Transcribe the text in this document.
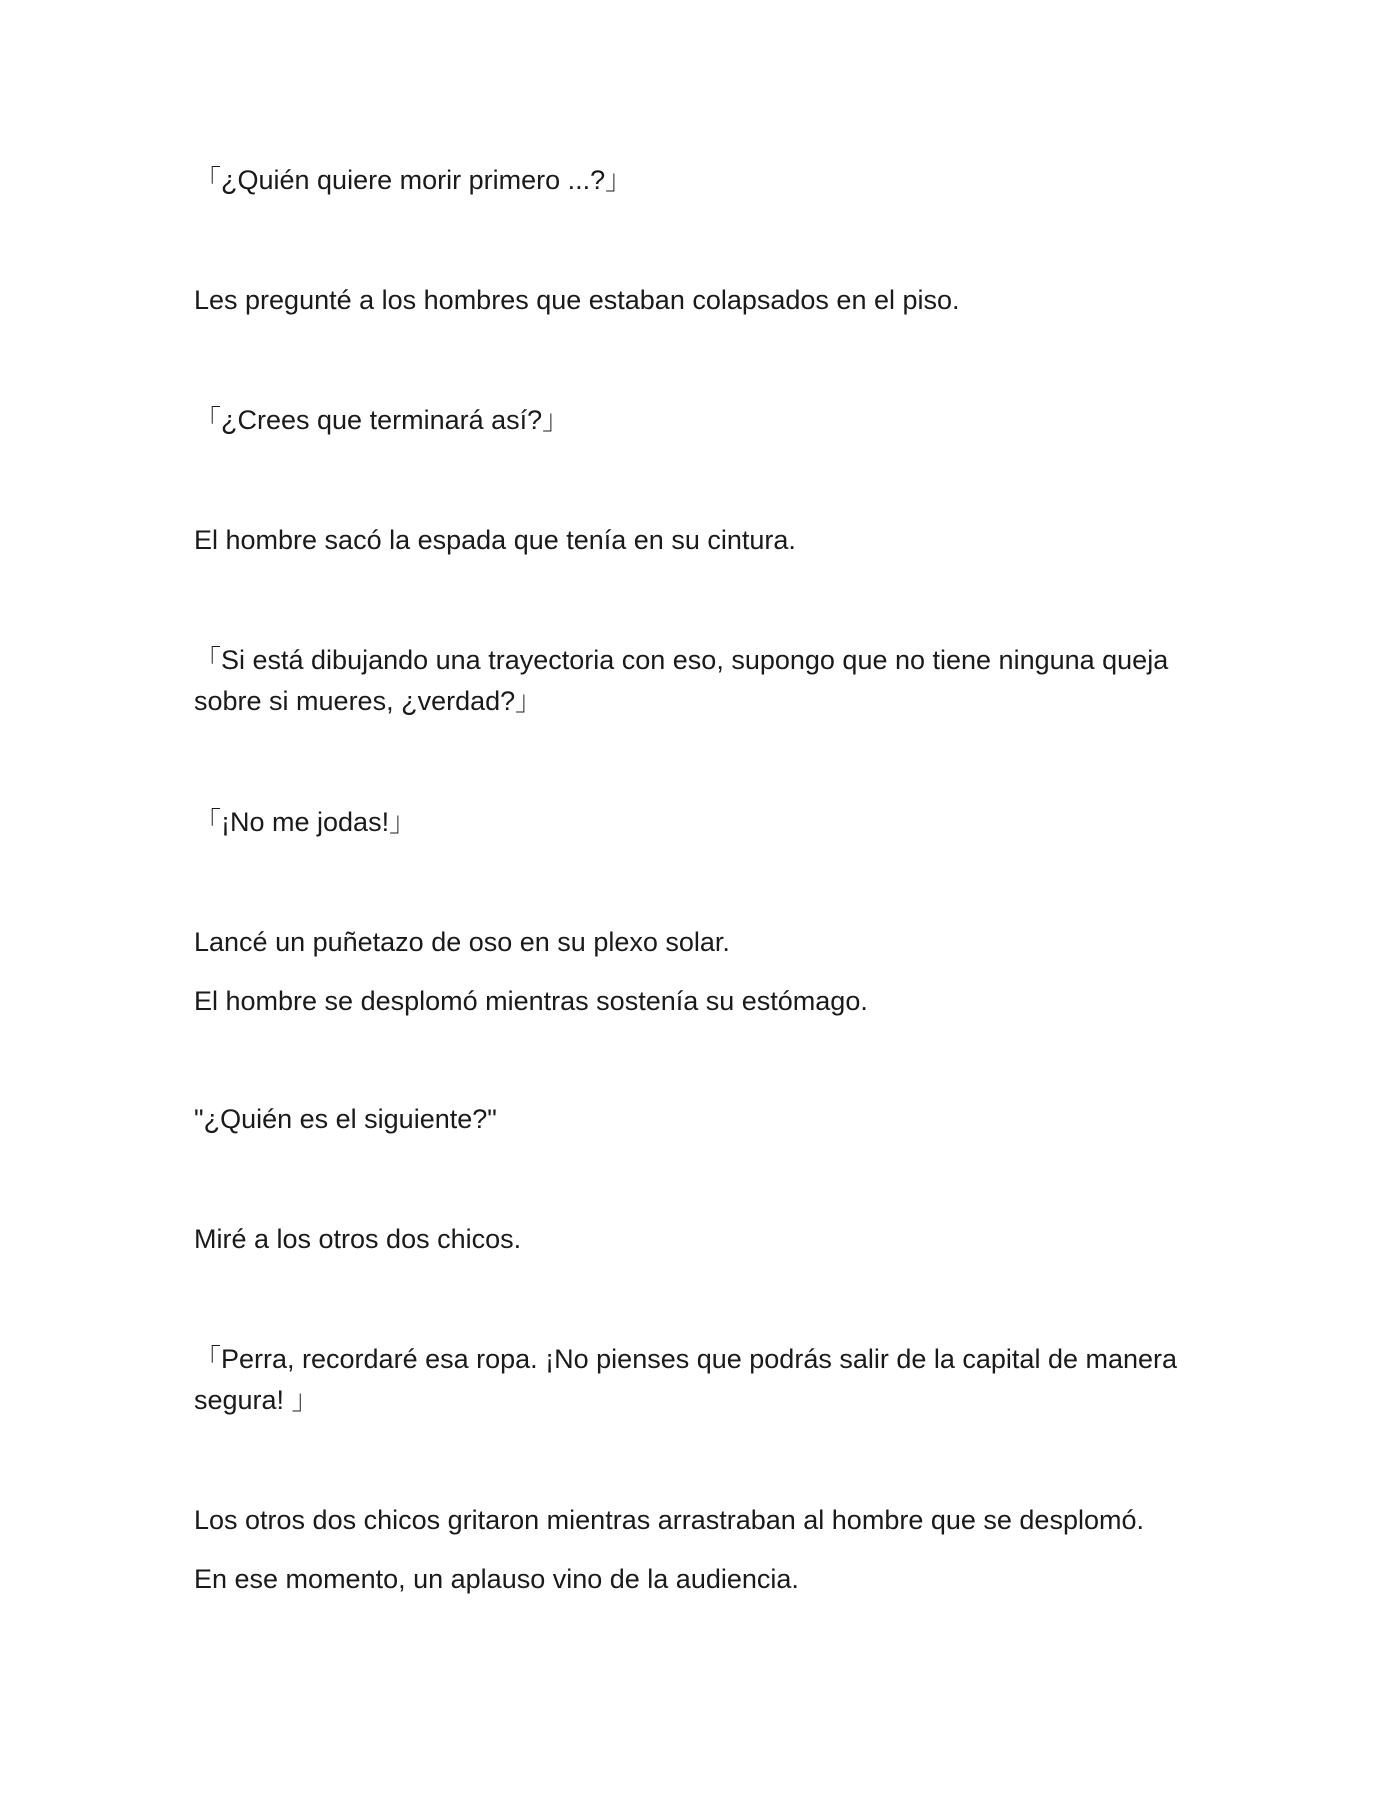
「¿Quién quiere morir primero ...?」

Les pregunté a los hombres que estaban colapsados en el piso.

「¿Crees que terminará así?」

El hombre sacó la espada que tenía en su cintura.

「Si está dibujando una trayectoria con eso, supongo que no tiene ninguna queja sobre si mueres, ¿verdad?」

「¡No me jodas!」

Lancé un puñetazo de oso en su plexo solar.

El hombre se desplomó mientras sostenía su estómago.

"¿Quién es el siguiente?"

Miré a los otros dos chicos.

「Perra, recordaré esa ropa. ¡No pienses que podrás salir de la capital de manera segura! 」

Los otros dos chicos gritaron mientras arrastraban al hombre que se desplomó.

En ese momento, un aplauso vino de la audiencia.
